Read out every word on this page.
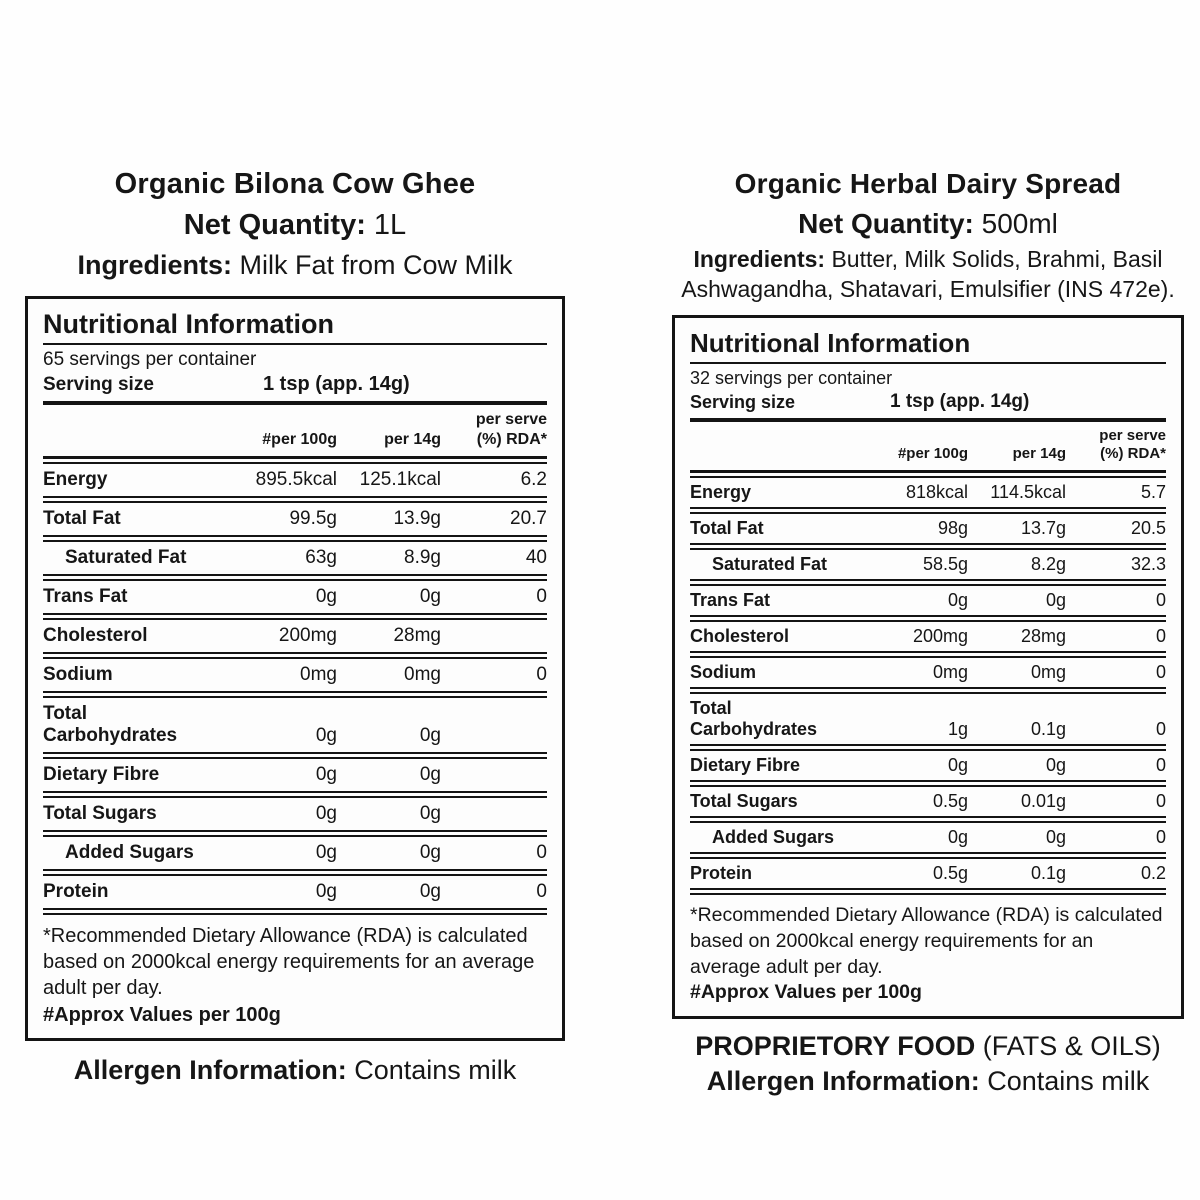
Organic Bilona Cow Ghee
Net Quantity: 1L
Ingredients: Milk Fat from Cow Milk
Nutritional Information
65 servings per container
Serving size	1 tsp (app. 14g)
#per 100g	per 14g
per serve
(%) RDA*
Energy	895.5kcal	125.1kcal	6.2
Total Fat	99.5g	13.9g	20.7
Saturated Fat	63g	8.9g	40
Trans Fat	0g	0g	0
Cholesterol	200mg	28mg
Sodium	0mg	0mg	0
Total Carbohydrates	0g	0g
Dietary Fibre	0g	0g
Total Sugars	0g	0g
Added Sugars	0g	0g	0
Protein	0g	0g	0
*Recommended Dietary Allowance (RDA) is calculated based on 2000kcal energy requirements for an average adult per day.
#Approx Values per 100g
Allergen Information: Contains milk
Organic Herbal Dairy Spread
Net Quantity: 500ml
Ingredients: Butter, Milk Solids, Brahmi, Basil Ashwagandha, Shatavari, Emulsifier (INS 472e).
Nutritional Information
32 servings per container
Serving size	1 tsp (app. 14g)
#per 100g	per 14g
per serve
(%) RDA*
Energy	818kcal	114.5kcal	5.7
Total Fat	98g	13.7g	20.5
Saturated Fat	58.5g	8.2g	32.3
Trans Fat	0g	0g	0
Cholesterol	200mg	28mg	0
Sodium	0mg	0mg	0
Total Carbohydrates	1g	0.1g	0
Dietary Fibre	0g	0g	0
Total Sugars	0.5g	0.01g	0
Added Sugars	0g	0g	0
Protein	0.5g	0.1g	0.2
*Recommended Dietary Allowance (RDA) is calculated based on 2000kcal energy requirements for an average adult per day.
#Approx Values per 100g
PROPRIETORY FOOD (FATS & OILS)
Allergen Information: Contains milk
